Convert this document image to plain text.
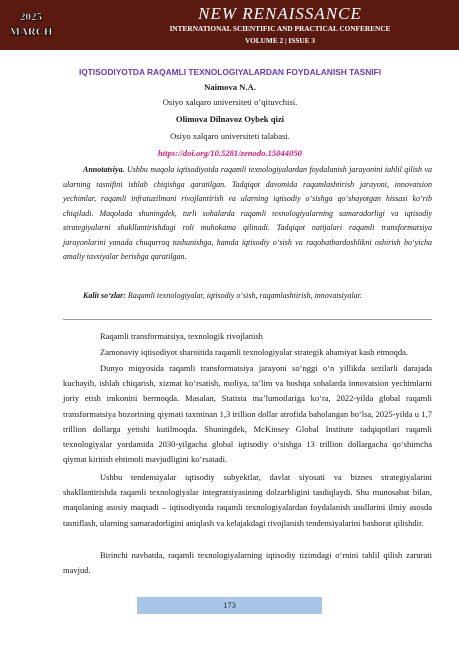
2025
MARCH
NEW RENAISSANCE
INTERNATIONAL SCIENTIFIC AND PRACTICAL CONFERENCE
VOLUME 2 | ISSUE 3
IQTISODIYOTDA RAQAMLI TEXNOLOGIYALARDAN FOYDALANISH TASNIFI
Naimova N.A.
Osiyo xalqaro universiteti o’qituvchisi.
Olimova Dilnavoz Oybek qizi
Osiyo xalqaro universiteti talabasi.
https://doi.org/10.5281/zenodo.15044050
Annotatsiya. Ushbu maqola iqtisodiyotda raqamli texnologiyalardan foydalanish jarayonini tahlil qilish va ularning tasnifini ishlab chiqishga qaratilgan. Tadqiqot davomida raqamlashtirish jarayoni, innovatsion yechimlar, raqamli infratuzilmani rivojlantirish va ularning iqtisodiy o‘sishga qo‘shayotgan hissasi ko‘rib chiqiladi. Maqolada shuningdek, turli sohalarda raqamli texnologiyalarning samaradorligi va iqtisodiy strategiyalarni shakllantirishdagi roli muhokama qilinadi. Tadqiqot natijalari raqamli transformatsiya jarayonlarini yanada chuqurroq tushunishga, hamda iqtisodiy o‘sish va raqobatbardoshlikni oshirish bo‘yicha amaliy tavsiyalar berishga qaratilgan.
Kalit so‘zlar: Raqamli texnologiyalar, iqtisodiy o‘sish, raqamlashtirish, innovatsiyalar.
Raqamli transformatsiya, texnologik rivojlanish
Zamonaviy iqtisodiyot sharoitida raqamli texnologiyalar strategik ahamiyat kasb etmoqda.
Dunyo miqyosida raqamli transformatsiya jarayoni so‘nggi o‘n yillikda sezilarli darajada kuchayib, ishlab chiqarish, xizmat ko‘rsatish, moliya, ta’lim va boshqa sohalarda innovatsion yechimlarni joriy etish imkonini bermoqda. Masalan, Statista ma’lumotlariga ko‘ra, 2022-yilda global raqamli transformatsiya bozorining qiymati taxminan 1,3 trillion dollar atrofida baholangan bo‘lsa, 2025-yilda u 1,7 trillion dollarga yetishi kutilmoqda. Shuningdek, McKinsey Global Institute tadqiqotlari raqamli texnologiyalar yordamida 2030-yilgacha global iqtisodiy o‘sishga 13 trillion dollargacha qo‘shimcha qiymat kiritish ehtimoli mavjudligini ko‘rsatadi.
Ushbu tendensiyalar iqtisodiy subyektlar, davlat siyosati va biznes strategiyalarini shakllantirishda raqamli texnologiyalar integratsiyasining dolzarbligini tasdiqlaydi. Shu munosabat bilan, maqolaning asosiy maqsadi – iqtisodiyotda raqamli texnologiyalardan foydalanish usullarini ilmiy asosda tasniflash, ularning samaradorligini aniqlash va kelajakdagi rivojlanish tendensiyalarini bashorat qilishdir.
Birinchi navbatda, raqamli texnologiyalarning iqtisodiy tizimdagi o‘rnini tahlil qilish zarurati mavjud.
173
